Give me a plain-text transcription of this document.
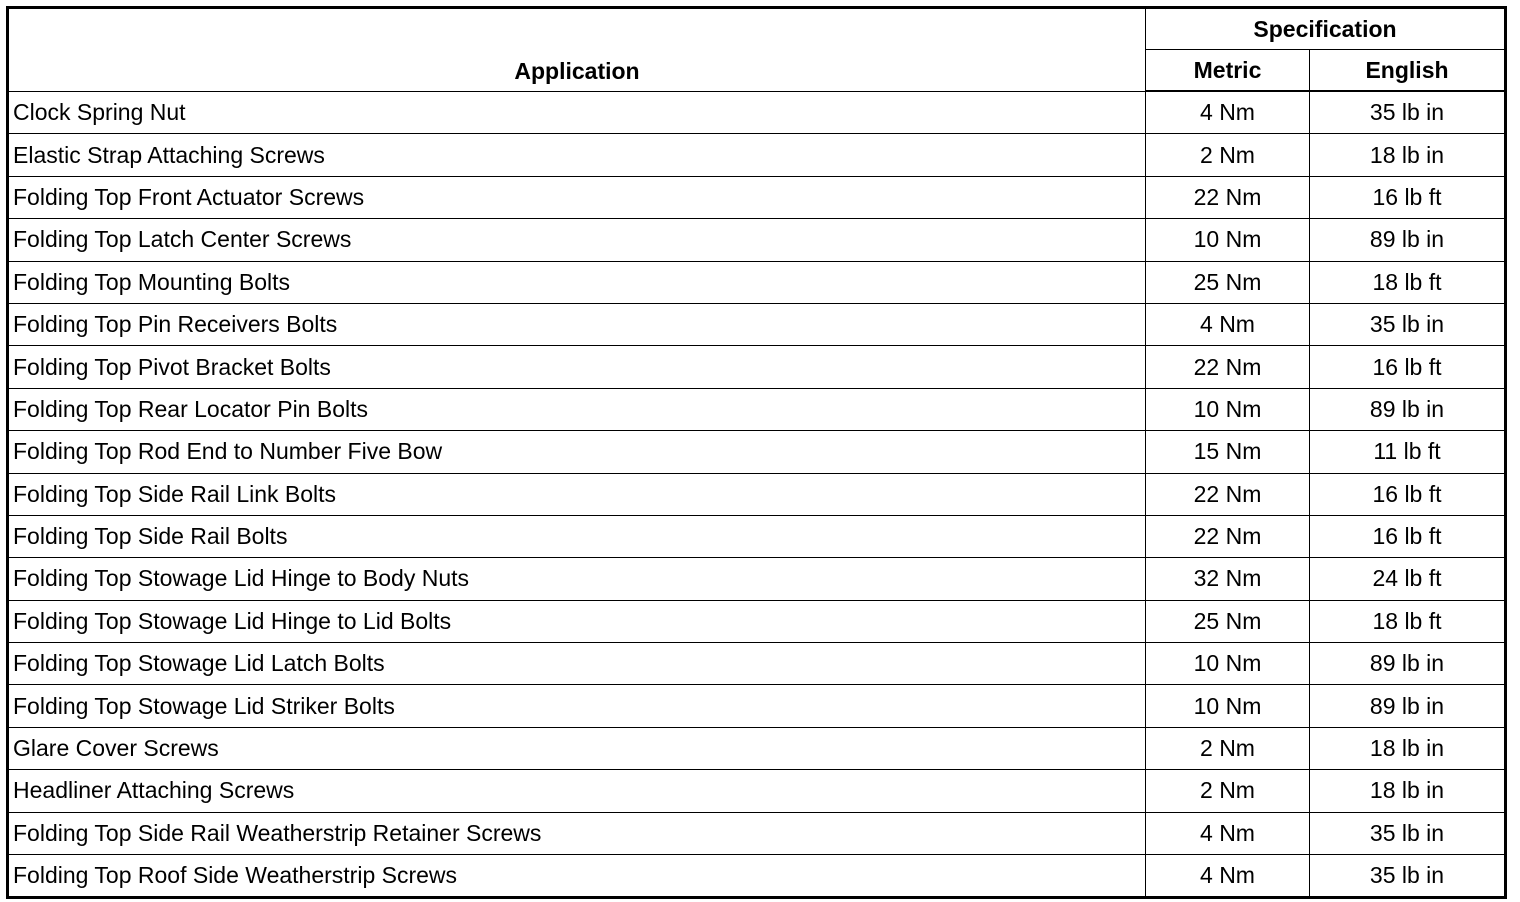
Application	Specification	
	Metric	English
Clock Spring Nut	4 Nm	35 lb in
Elastic Strap Attaching Screws	2 Nm	18 lb in
Folding Top Front Actuator Screws	22 Nm	16 lb ft
Folding Top Latch Center Screws	10 Nm	89 lb in
Folding Top Mounting Bolts	25 Nm	18 lb ft
Folding Top Pin Receivers Bolts	4 Nm	35 lb in
Folding Top Pivot Bracket Bolts	22 Nm	16 lb ft
Folding Top Rear Locator Pin Bolts	10 Nm	89 lb in
Folding Top Rod End to Number Five Bow	15 Nm	11 lb ft
Folding Top Side Rail Link Bolts	22 Nm	16 lb ft
Folding Top Side Rail Bolts	22 Nm	16 lb ft
Folding Top Stowage Lid Hinge to Body Nuts	32 Nm	24 lb ft
Folding Top Stowage Lid Hinge to Lid Bolts	25 Nm	18 lb ft
Folding Top Stowage Lid Latch Bolts	10 Nm	89 lb in
Folding Top Stowage Lid Striker Bolts	10 Nm	89 lb in
Glare Cover Screws	2 Nm	18 lb in
Headliner Attaching Screws	2 Nm	18 lb in
Folding Top Side Rail Weatherstrip Retainer Screws	4 Nm	35 lb in
Folding Top Roof Side Weatherstrip Screws	4 Nm	35 lb in
